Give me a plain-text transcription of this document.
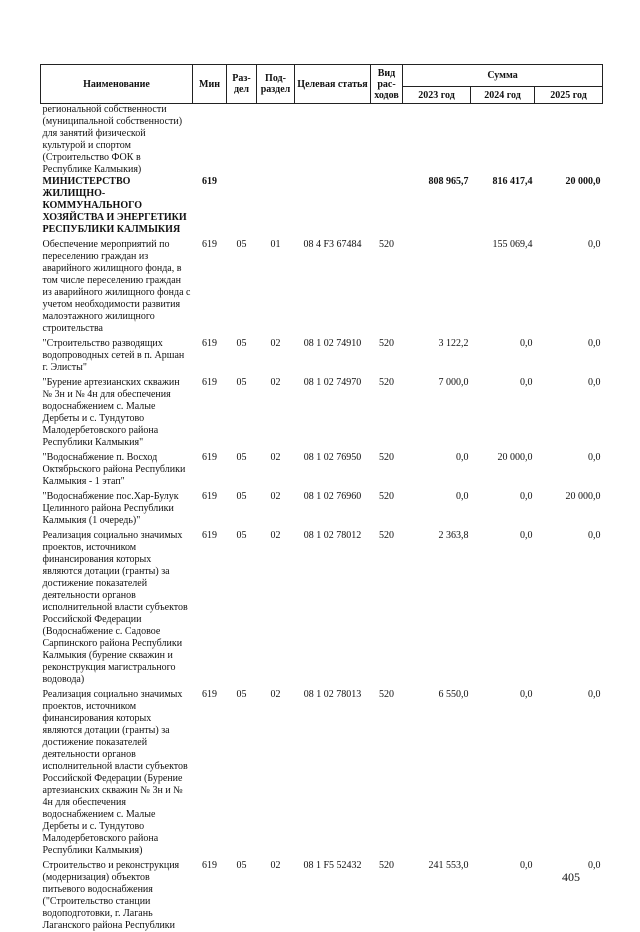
Наименование	Мин	Раз-дел	Под-раздел	Целевая статья	Вид рас-ходов	Сумма		
						2023 год	2024 год	2025 год
региональной собственности (муниципальной собственности) для занятий физической культурой и спортом (Строительство ФОК в Республике Калмыкия)								
МИНИСТЕРСТВО ЖИЛИЩНО-КОММУНАЛЬНОГО ХОЗЯЙСТВА И ЭНЕРГЕТИКИ РЕСПУБЛИКИ КАЛМЫКИЯ	619					808 965,7	816 417,4	20 000,0
Обеспечение мероприятий по переселению граждан из аварийного жилищного фонда, в том числе переселению граждан из аварийного жилищного фонда с учетом необходимости развития малоэтажного жилищного строительства	619	05	01	08 4 F3 67484	520		155 069,4	0,0
"Строительство разводящих водопроводных сетей в п. Аршан г. Элисты"	619	05	02	08 1 02 74910	520	3 122,2	0,0	0,0
"Бурение артезианских скважин № 3н и № 4н для обеспечения водоснабжением с. Малые Дербеты и с. Тундутово Малодербетовского района Республики Калмыкия"	619	05	02	08 1 02 74970	520	7 000,0	0,0	0,0
"Водоснабжение п. Восход Октябрьского района Республики Калмыкия - 1 этап"	619	05	02	08 1 02 76950	520	0,0	20 000,0	0,0
"Водоснабжение пос.Хар-Булук Целинного района Республики Калмыкия (1 очередь)"	619	05	02	08 1 02 76960	520	0,0	0,0	20 000,0
Реализация социально значимых проектов, источником финансирования которых являются дотации (гранты) за достижение показателей деятельности органов исполнительной власти субъектов Российской Федерации (Водоснабжение с. Садовое Сарпинского района Республики Калмыкия (бурение скважин и реконструкция магистрального водовода)	619	05	02	08 1 02 78012	520	2 363,8	0,0	0,0
Реализация социально значимых проектов, источником финансирования которых являются дотации (гранты) за достижение показателей деятельности органов исполнительной власти субъектов Российской Федерации (Бурение артезианских скважин № 3н и № 4н для обеспечения водоснабжением с. Малые Дербеты и с. Тундутово Малодербетовского района Республики Калмыкия)	619	05	02	08 1 02 78013	520	6 550,0	0,0	0,0
Строительство и реконструкция (модернизация) объектов питьевого водоснабжения ("Строительство станции водоподготовки, г. Лагань Лаганского района Республики	619	05	02	08 1 F5 52432	520	241 553,0	0,0	0,0
405
